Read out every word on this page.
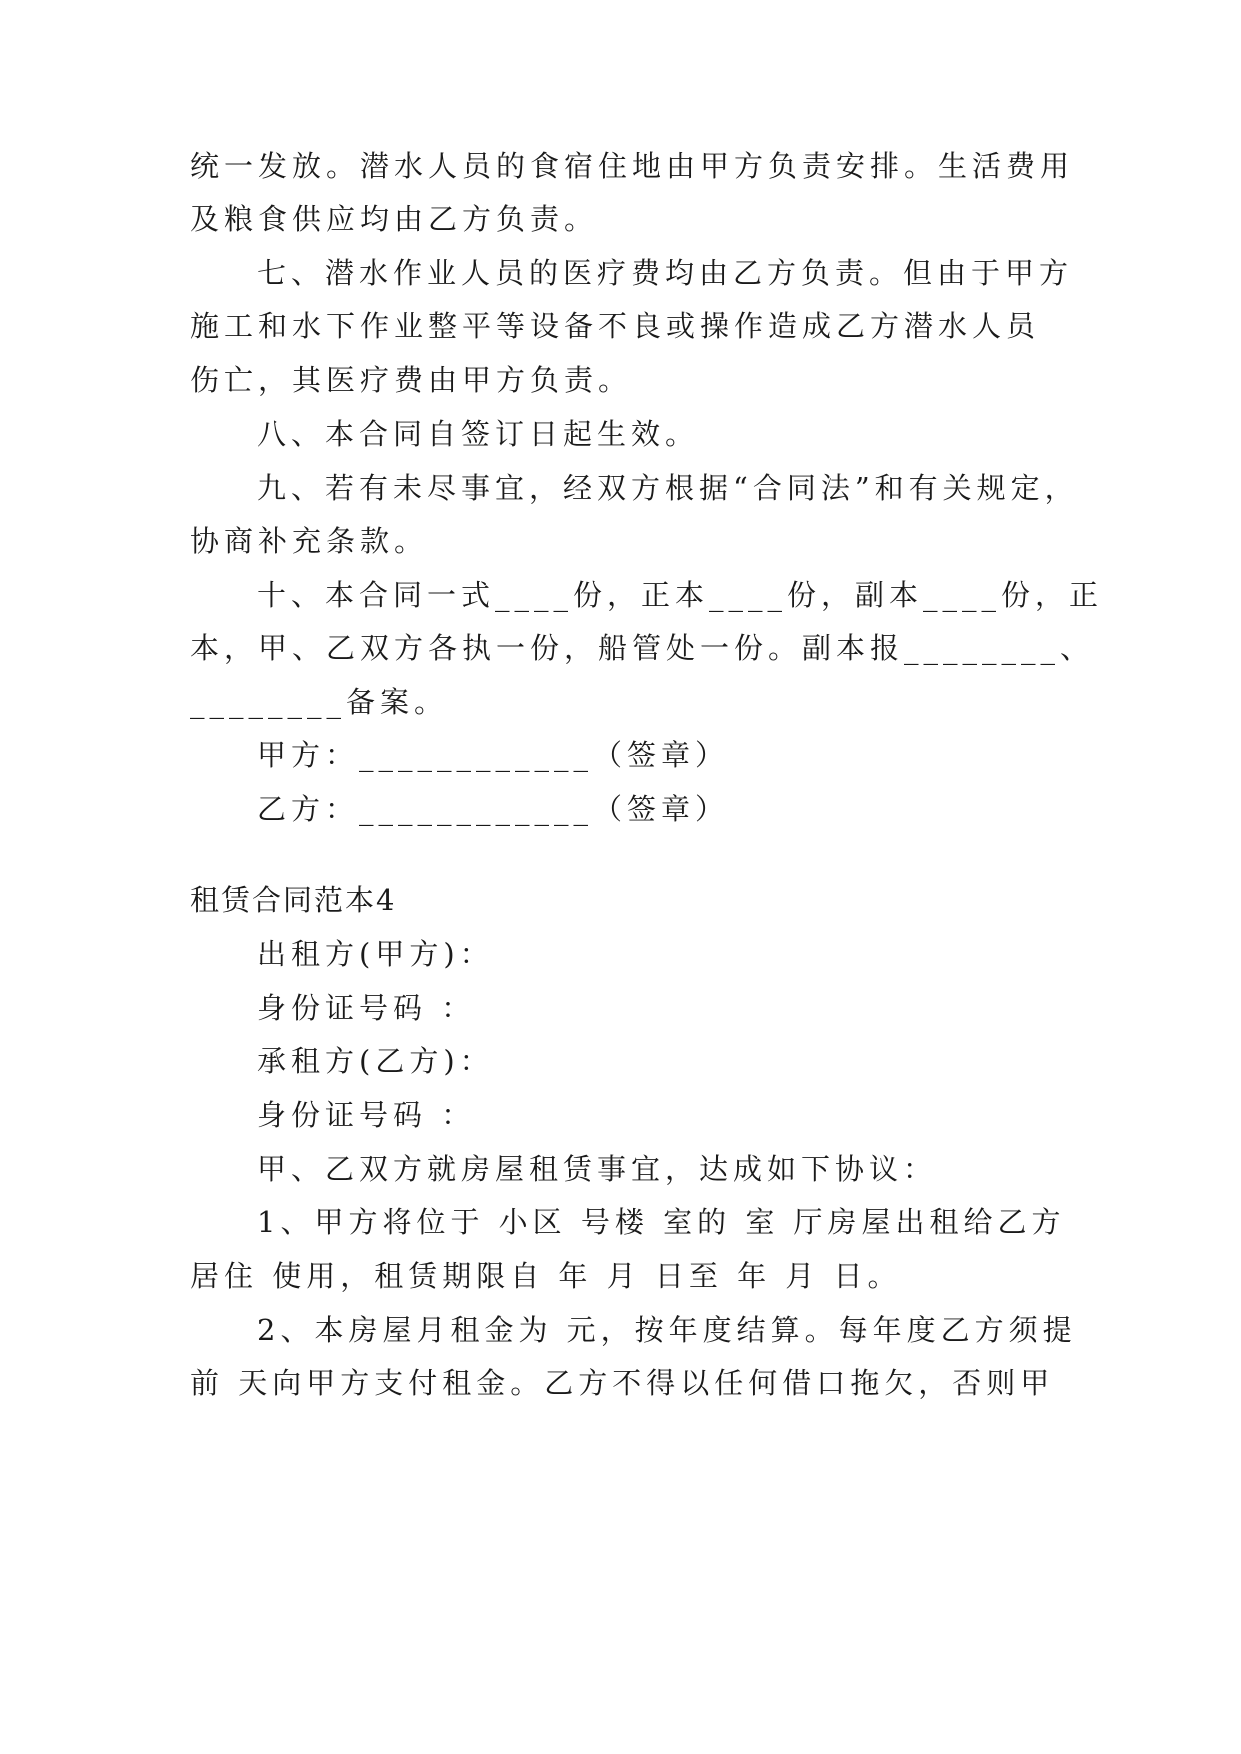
统一发放。潜水人员的食宿住地由甲方负责安排。生活费用

及粮食供应均由乙方负责。

七、潜水作业人员的医疗费均由乙方负责。但由于甲方

施工和水下作业整平等设备不良或操作造成乙方潜水人员

伤亡，其医疗费由甲方负责。

八、本合同自签订日起生效。

九、若有未尽事宜，经双方根据“合同法”和有关规定，

协商补充条款。

十、本合同一式____份，正本____份，副本____份，正

本，甲、乙双方各执一份，船管处一份。副本报________、

________备案。

甲方：____________（签章）

乙方：____________（签章）

租赁合同范本4

出租方(甲方)：

身份证号码 ：

承租方(乙方)：

身份证号码 ：

甲、乙双方就房屋租赁事宜，达成如下协议：

1、甲方将位于 小区 号楼 室的 室 厅房屋出租给乙方

居住 使用，租赁期限自 年 月 日至 年 月 日。

2、本房屋月租金为 元，按年度结算。每年度乙方须提

前 天向甲方支付租金。乙方不得以任何借口拖欠，否则甲
